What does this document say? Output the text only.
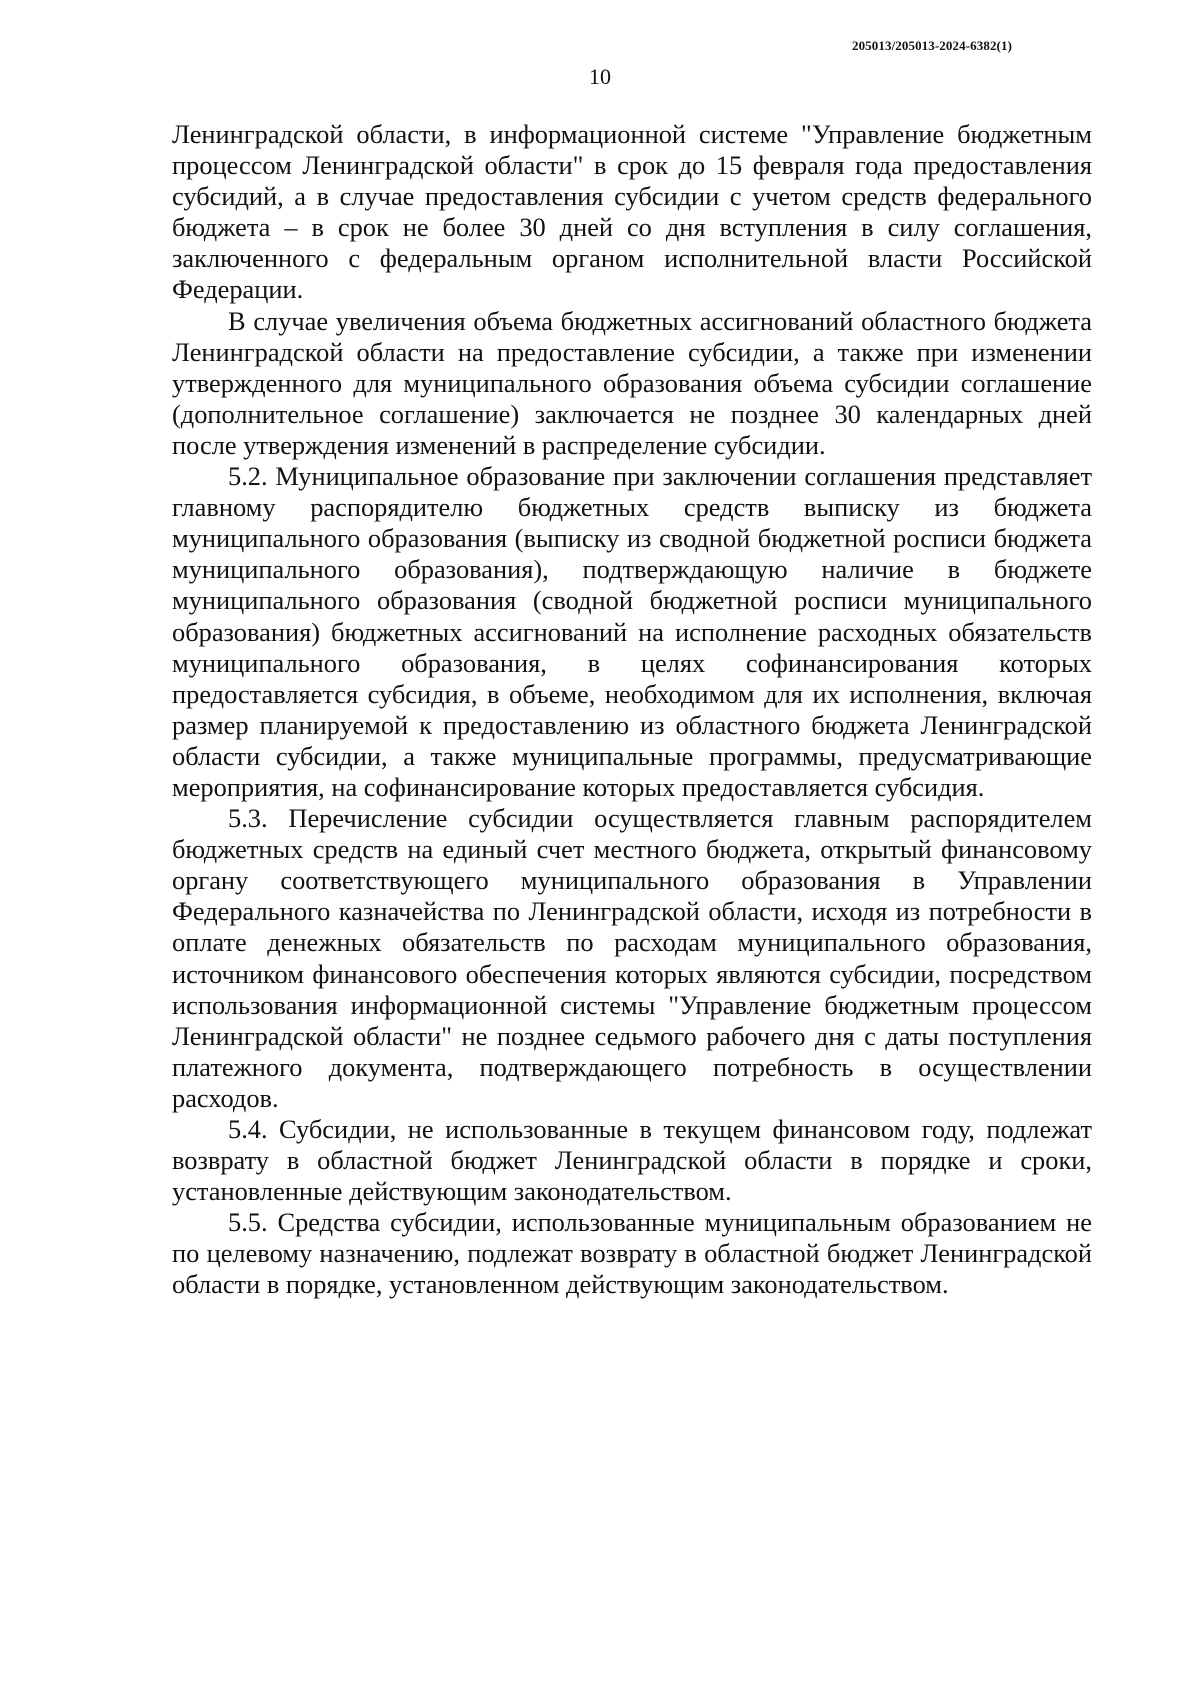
205013/205013-2024-6382(1)
10

Ленинградской области, в информационной системе "Управление бюджетным процессом Ленинградской области" в срок до 15 февраля года предоставления субсидий, а в случае предоставления субсидии с учетом средств федерального бюджета – в срок не более 30 дней со дня вступления в силу соглашения, заключенного с федеральным органом исполнительной власти Российской Федерации.

В случае увеличения объема бюджетных ассигнований областного бюджета Ленинградской области на предоставление субсидии, а также при изменении утвержденного для муниципального образования объема субсидии соглашение (дополнительное соглашение) заключается не позднее 30 календарных дней после утверждения изменений в распределение субсидии.

5.2. Муниципальное образование при заключении соглашения представляет главному распорядителю бюджетных средств выписку из бюджета муниципального образования (выписку из сводной бюджетной росписи бюджета муниципального образования), подтверждающую наличие в бюджете муниципального образования (сводной бюджетной росписи муниципального образования) бюджетных ассигнований на исполнение расходных обязательств муниципального образования, в целях софинансирования которых предоставляется субсидия, в объеме, необходимом для их исполнения, включая размер планируемой к предоставлению из областного бюджета Ленинградской области субсидии, а также муниципальные программы, предусматривающие мероприятия, на софинансирование которых предоставляется субсидия.

5.3. Перечисление субсидии осуществляется главным распорядителем бюджетных средств на единый счет местного бюджета, открытый финансовому органу соответствующего муниципального образования в Управлении Федерального казначейства по Ленинградской области, исходя из потребности в оплате денежных обязательств по расходам муниципального образования, источником финансового обеспечения которых являются субсидии, посредством использования информационной системы "Управление бюджетным процессом Ленинградской области" не позднее седьмого рабочего дня с даты поступления платежного документа, подтверждающего потребность в осуществлении расходов.

5.4. Субсидии, не использованные в текущем финансовом году, подлежат возврату в областной бюджет Ленинградской области в порядке и сроки, установленные действующим законодательством.

5.5. Средства субсидии, использованные муниципальным образованием не по целевому назначению, подлежат возврату в областной бюджет Ленинградской области в порядке, установленном действующим законодательством.
